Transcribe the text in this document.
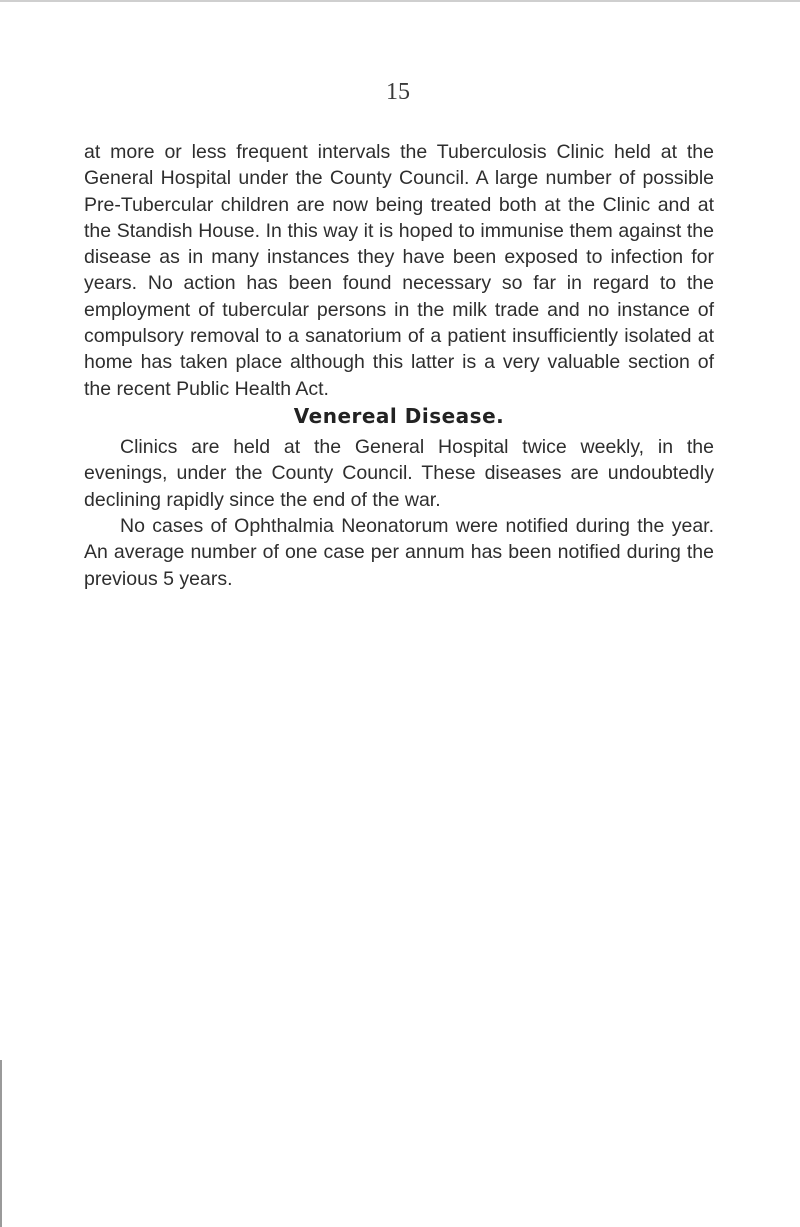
15

at more or less frequent intervals the Tuberculosis Clinic held at the General Hospital under the County Council. A large number of possible Pre-Tubercular children are now being treated both at the Clinic and at the Standish House. In this way it is hoped to immunise them against the disease as in many instances they have been exposed to infection for years. No action has been found necessary so far in regard to the employment of tubercular persons in the milk trade and no instance of compulsory removal to a sanatorium of a patient insufficiently isolated at home has taken place although this latter is a very valuable section of the recent Public Health Act.

Venereal Disease.

Clinics are held at the General Hospital twice weekly, in the evenings, under the County Council. These diseases are undoubtedly declining rapidly since the end of the war.

No cases of Ophthalmia Neonatorum were notified during the year. An average number of one case per annum has been notified during the previous 5 years.
